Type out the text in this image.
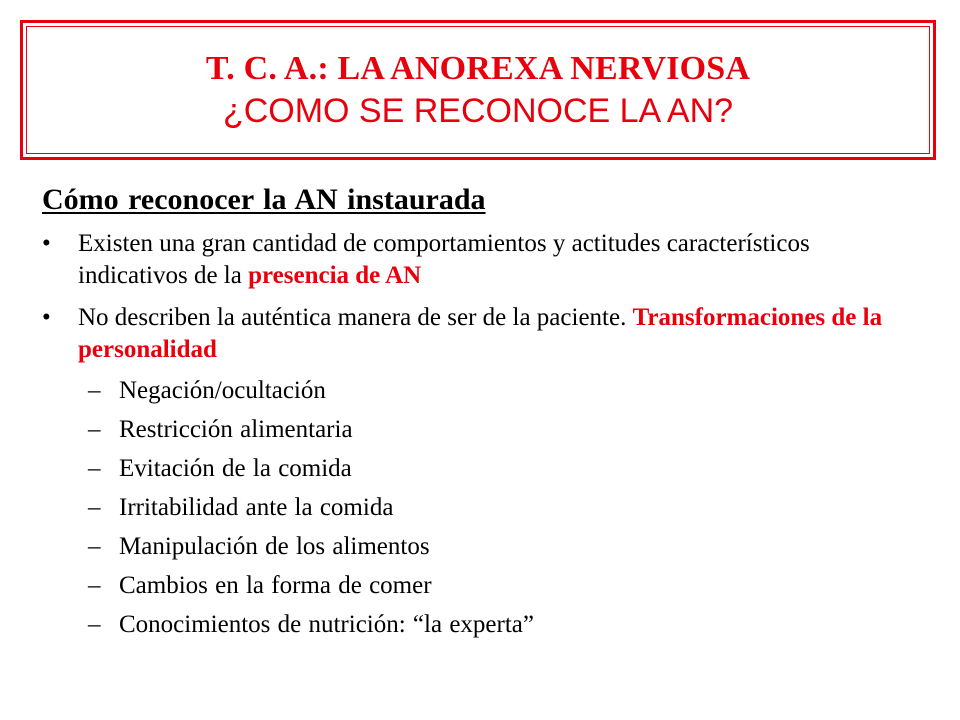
T. C. A.: LA ANOREXA NERVIOSA
¿COMO SE RECONOCE LA AN?
Cómo reconocer la AN instaurada
•	Existen una gran cantidad de comportamientos y actitudes característicos indicativos de la presencia de AN
•	No describen la auténtica manera de ser de la paciente. Transformaciones de la personalidad
– Negación/ocultación
– Restricción alimentaria
– Evitación de la comida
– Irritabilidad ante la comida
– Manipulación de los alimentos
– Cambios en la forma de comer
– Conocimientos de nutrición: “la experta”
